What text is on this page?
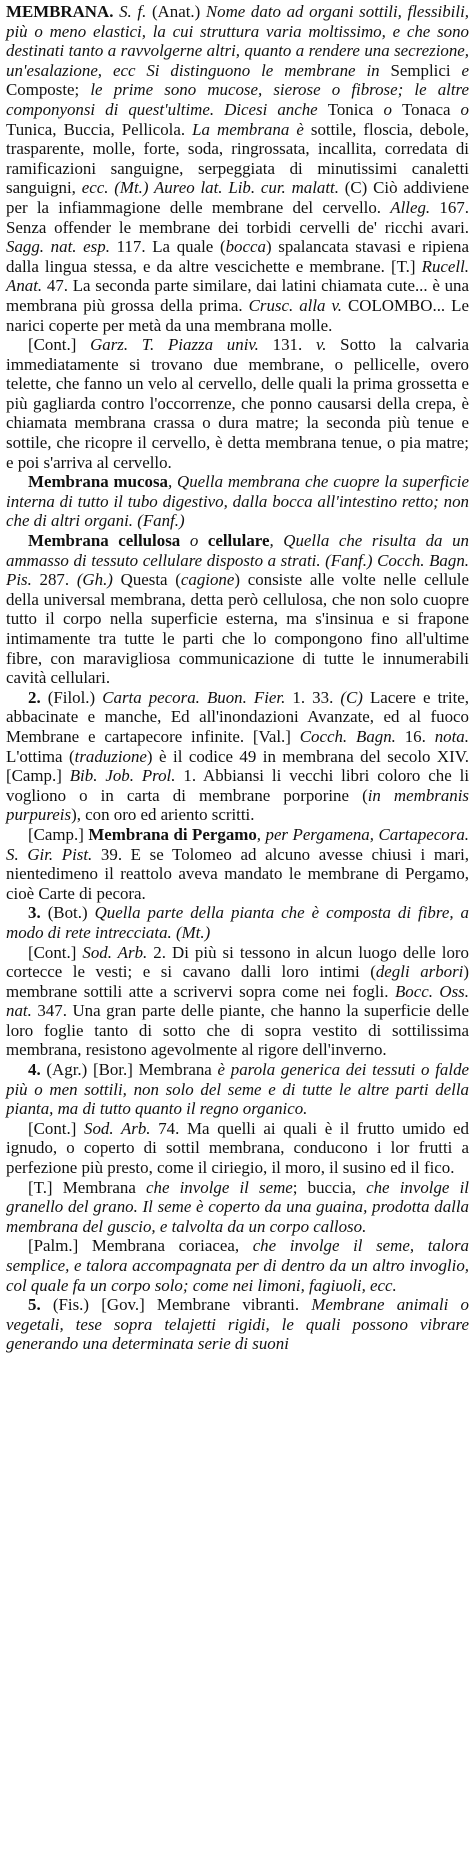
MEMBRANA. S. f. (Anat.) Nome dato ad organi sottili, flessibili, più o meno elastici, la cui struttura varia moltissimo, e che sono destinati tanto a ravvolgerne altri, quanto a rendere una secrezione, un'esalazione, ecc Si distinguono le membrane in Semplici e Composte; le prime sono mucose, sierose o fibrose; le altre componyonsi di quest'ultime. Dicesi anche Tonica o Tonaca o Tunica, Buccia, Pellicola. La membrana è sottile, floscia, debole, trasparente, molle, forte, soda, ringrossata, incallita, corredata di ramificazioni sanguigne, serpeggiata di minutissimi canaletti sanguigni, ecc. (Mt.) Aureo lat. Lib. cur. malatt. (C) Ciò addiviene per la infiammagione delle membrane del cervello. Alleg. 167. Senza offender le membrane dei torbidi cervelli de' ricchi avari. Sagg. nat. esp. 117. La quale (bocca) spalancata stavasi e ripiena dalla lingua stessa, e da altre vescichette e membrane. [T.] Rucell. Anat. 47. La seconda parte similare, dai latini chiamata cute... è una membrana più grossa della prima. Crusc. alla v. COLOMBO... Le narici coperte per metà da una membrana molle.

[Cont.] Garz. T. Piazza univ. 131. v. Sotto la calvaria immediatamente si trovano due membrane, o pellicelle, overo telette, che fanno un velo al cervello, delle quali la prima grossetta e più gagliarda contro l'occorrenze, che ponno causarsi della crepa, è chiamata membrana crassa o dura matre; la seconda più tenue e sottile, che ricopre il cervello, è detta membrana tenue, o pia matre; e poi s'arriva al cervello.

Membrana mucosa, Quella membrana che cuopre la superficie interna di tutto il tubo digestivo, dalla bocca all'intestino retto; non che di altri organi. (Fanf.)

Membrana cellulosa o cellulare, Quella che risulta da un ammasso di tessuto cellulare disposto a strati. (Fanf.) Cocch. Bagn. Pis. 287. (Gh.) Questa (cagione) consiste alle volte nelle cellule della universal membrana, detta però cellulosa, che non solo cuopre tutto il corpo nella superficie esterna, ma s'insinua e si frapone intimamente tra tutte le parti che lo compongono fino all'ultime fibre, con maravigliosa communicazione di tutte le innumerabili cavità cellulari.

2. (Filol.) Carta pecora. Buon. Fier. 1. 33. (C) Lacere e trite, abbacinate e manche, Ed all'inondazioni Avanzate, ed al fuoco Membrane e cartapecore infinite. [Val.] Cocch. Bagn. 16. nota. L'ottima (traduzione) è il codice 49 in membrana del secolo XIV. [Camp.] Bib. Job. Prol. 1. Abbiansi li vecchi libri coloro che li vogliono o in carta di membrane porporine (in membranis purpureis), con oro ed ariento scritti.

[Camp.] Membrana di Pergamo, per Pergamena, Cartapecora. S. Gir. Pist. 39. E se Tolomeo ad alcuno avesse chiusi i mari, nientedimeno il reattolo aveva mandato le membrane di Pergamo, cioè Carte di pecora.

3. (Bot.) Quella parte della pianta che è composta di fibre, a modo di rete intrecciata. (Mt.)

[Cont.] Sod. Arb. 2. Di più si tessono in alcun luogo delle loro cortecce le vesti; e si cavano dalli loro intimi (degli arbori) membrane sottili atte a scrivervi sopra come nei fogli. Bocc. Oss. nat. 347. Una gran parte delle piante, che hanno la superficie delle loro foglie tanto di sotto che di sopra vestito di sottilissima membrana, resistono agevolmente al rigore dell'inverno.

4. (Agr.) [Bor.] Membrana è parola generica dei tessuti o falde più o men sottili, non solo del seme e di tutte le altre parti della pianta, ma di tutto quanto il regno organico.

[Cont.] Sod. Arb. 74. Ma quelli ai quali è il frutto umido ed ignudo, o coperto di sottil membrana, conducono i lor frutti a perfezione più presto, come il ciriegio, il moro, il susino ed il fico.

[T.] Membrana che involge il seme; buccia, che involge il granello del grano. Il seme è coperto da una guaina, prodotta dalla membrana del guscio, e talvolta da un corpo calloso.

[Palm.] Membrana coriacea, che involge il seme, talora semplice, e talora accompagnata per di dentro da un altro invoglio, col quale fa un corpo solo; come nei limoni, fagiuoli, ecc.

5. (Fis.) [Gov.] Membrane vibranti. Membrane animali o vegetali, tese sopra telajetti rigidi, le quali possono vibrare generando una determinata serie di suoni
